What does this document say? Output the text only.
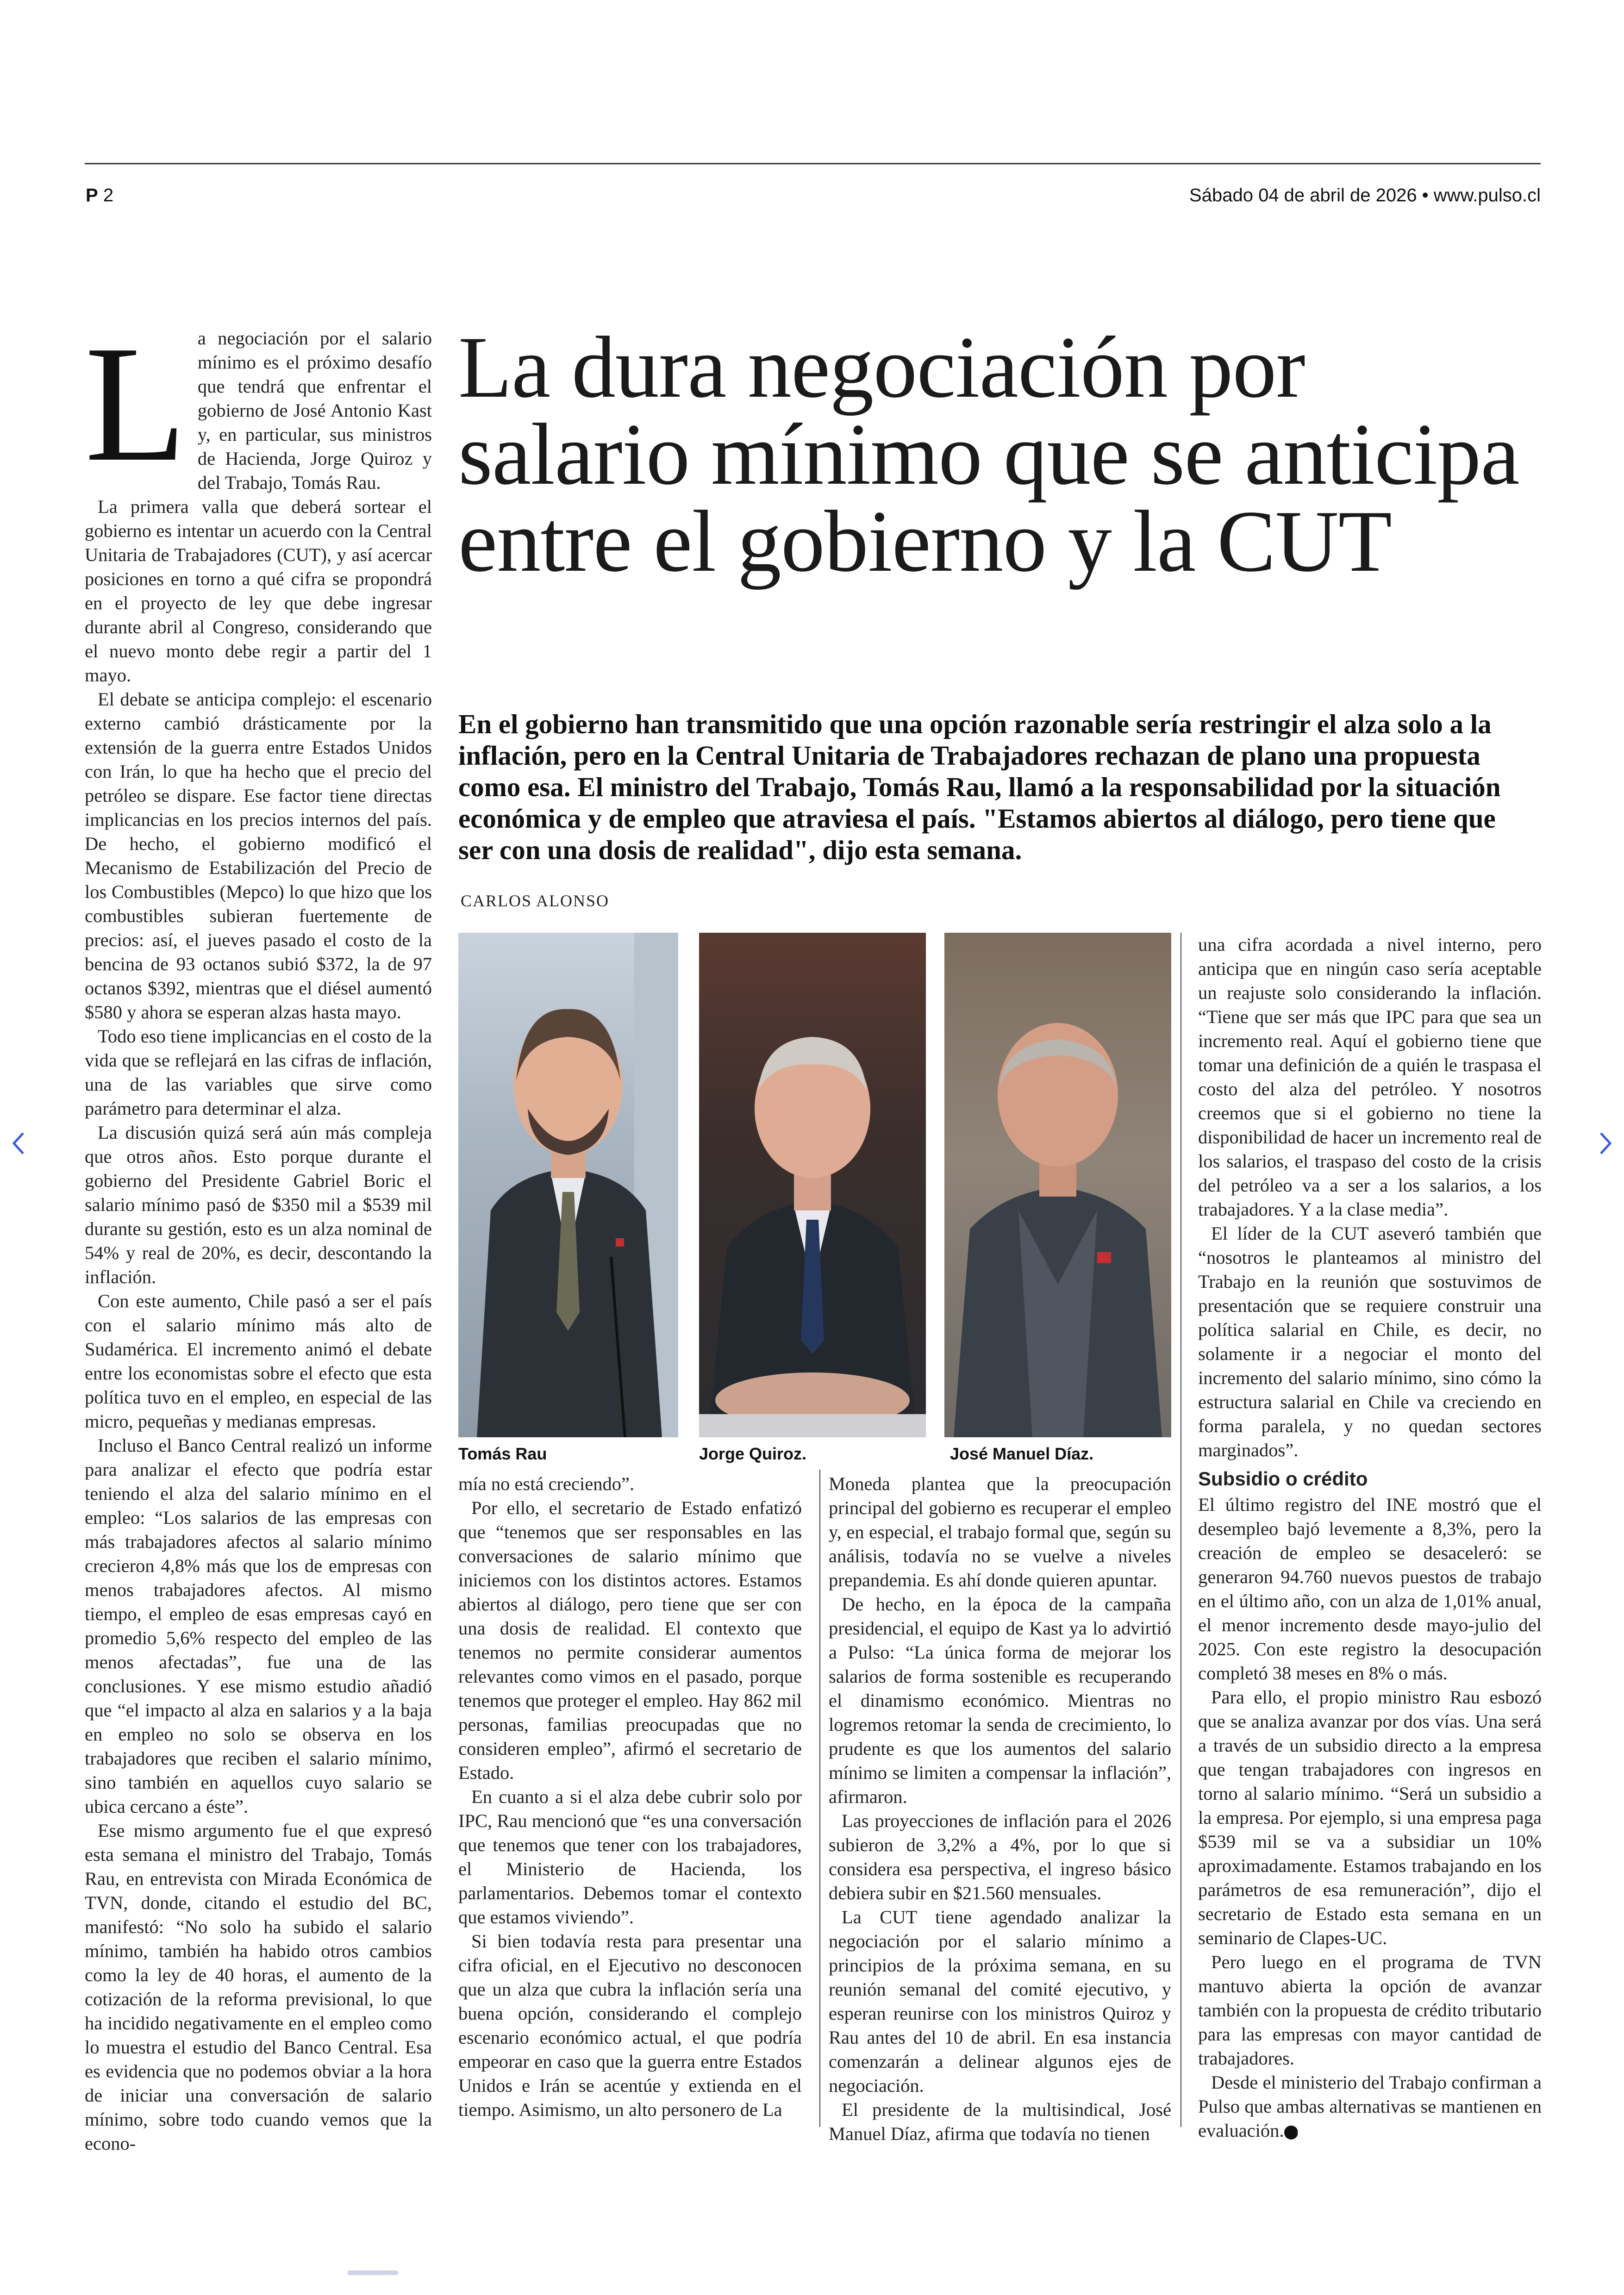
P 2	Sábado 04 de abril de 2026 • www.pulso.cl
La dura negociación por salario mínimo que se anticipa entre el gobierno y la CUT
En el gobierno han transmitido que una opción razonable sería restringir el alza solo a la inflación, pero en la Central Unitaria de Trabajadores rechazan de plano una propuesta como esa. El ministro del Trabajo, Tomás Rau, llamó a la responsabilidad por la situación económica y de empleo que atraviesa el país. "Estamos abiertos al diálogo, pero tiene que ser con una dosis de realidad", dijo esta semana.
CARLOS ALONSO

La negociación por el salario mínimo es el próximo desafío que tendrá que enfrentar el gobierno de José Antonio Kast y, en particular, sus ministros de Hacienda, Jorge Quiroz y del Trabajo, Tomás Rau.

La primera valla que deberá sortear el gobierno es intentar un acuerdo con la Central Unitaria de Trabajadores (CUT), y así acercar posiciones en torno a qué cifra se propondrá en el proyecto de ley que debe ingresar durante abril al Congreso, considerando que el nuevo monto debe regir a partir del 1 mayo.

El debate se anticipa complejo: el escenario externo cambió drásticamente por la extensión de la guerra entre Estados Unidos con Irán, lo que ha hecho que el precio del petróleo se dispare. Ese factor tiene directas implicancias en los precios internos del país. De hecho, el gobierno modificó el Mecanismo de Estabilización del Precio de los Combustibles (Mepco) lo que hizo que los combustibles subieran fuertemente de precios: así, el jueves pasado el costo de la bencina de 93 octanos subió $372, la de 97 octanos $392, mientras que el diésel aumentó $580 y ahora se esperan alzas hasta mayo.

Todo eso tiene implicancias en el costo de la vida que se reflejará en las cifras de inflación, una de las variables que sirve como parámetro para determinar el alza.

La discusión quizá será aún más compleja que otros años. Esto porque durante el gobierno del Presidente Gabriel Boric el salario mínimo pasó de $350 mil a $539 mil durante su gestión, esto es un alza nominal de 54% y real de 20%, es decir, descontando la inflación.

Con este aumento, Chile pasó a ser el país con el salario mínimo más alto de Sudamérica. El incremento animó el debate entre los economistas sobre el efecto que esta política tuvo en el empleo, en especial de las micro, pequeñas y medianas empresas.

Incluso el Banco Central realizó un informe para analizar el efecto que podría estar teniendo el alza del salario mínimo en el empleo: “Los salarios de las empresas con más trabajadores afectos al salario mínimo crecieron 4,8% más que los de empresas con menos trabajadores afectos. Al mismo tiempo, el empleo de esas empresas cayó en promedio 5,6% respecto del empleo de las menos afectadas”, fue una de las conclusiones. Y ese mismo estudio añadió que “el impacto al alza en salarios y a la baja en empleo no solo se observa en los trabajadores que reciben el salario mínimo, sino también en aquellos cuyo salario se ubica cercano a éste”.

Ese mismo argumento fue el que expresó esta semana el ministro del Trabajo, Tomás Rau, en entrevista con Mirada Económica de TVN, donde, citando el estudio del BC, manifestó: “No solo ha subido el salario mínimo, también ha habido otros cambios como la ley de 40 horas, el aumento de la cotización de la reforma previsional, lo que ha incidido negativamente en el empleo como lo muestra el estudio del Banco Central. Esa es evidencia que no podemos obviar a la hora de iniciar una conversación de salario mínimo, sobre todo cuando vemos que la econo-

Tomás Rau	Jorge Quiroz.	José Manuel Díaz.

mía no está creciendo”.

Por ello, el secretario de Estado enfatizó que “tenemos que ser responsables en las conversaciones de salario mínimo que iniciemos con los distintos actores. Estamos abiertos al diálogo, pero tiene que ser con una dosis de realidad. El contexto que tenemos no permite considerar aumentos relevantes como vimos en el pasado, porque tenemos que proteger el empleo. Hay 862 mil personas, familias preocupadas que no consideren empleo”, afirmó el secretario de Estado.

En cuanto a si el alza debe cubrir solo por IPC, Rau mencionó que “es una conversación que tenemos que tener con los trabajadores, el Ministerio de Hacienda, los parlamentarios. Debemos tomar el contexto que estamos viviendo”.

Si bien todavía resta para presentar una cifra oficial, en el Ejecutivo no desconocen que un alza que cubra la inflación sería una buena opción, considerando el complejo escenario económico actual, el que podría empeorar en caso que la guerra entre Estados Unidos e Irán se acentúe y extienda en el tiempo. Asimismo, un alto personero de La

Moneda plantea que la preocupación principal del gobierno es recuperar el empleo y, en especial, el trabajo formal que, según su análisis, todavía no se vuelve a niveles prepandemia. Es ahí donde quieren apuntar.

De hecho, en la época de la campaña presidencial, el equipo de Kast ya lo advirtió a Pulso: “La única forma de mejorar los salarios de forma sostenible es recuperando el dinamismo económico. Mientras no logremos retomar la senda de crecimiento, lo prudente es que los aumentos del salario mínimo se limiten a compensar la inflación”, afirmaron.

Las proyecciones de inflación para el 2026 subieron de 3,2% a 4%, por lo que si considera esa perspectiva, el ingreso básico debiera subir en $21.560 mensuales.

La CUT tiene agendado analizar la negociación por el salario mínimo a principios de la próxima semana, en su reunión semanal del comité ejecutivo, y esperan reunirse con los ministros Quiroz y Rau antes del 10 de abril. En esa instancia comenzarán a delinear algunos ejes de negociación.

El presidente de la multisindical, José Manuel Díaz, afirma que todavía no tienen

una cifra acordada a nivel interno, pero anticipa que en ningún caso sería aceptable un reajuste solo considerando la inflación. “Tiene que ser más que IPC para que sea un incremento real. Aquí el gobierno tiene que tomar una definición de a quién le traspasa el costo del alza del petróleo. Y nosotros creemos que si el gobierno no tiene la disponibilidad de hacer un incremento real de los salarios, el traspaso del costo de la crisis del petróleo va a ser a los salarios, a los trabajadores. Y a la clase media”.

El líder de la CUT aseveró también que “nosotros le planteamos al ministro del Trabajo en la reunión que sostuvimos de presentación que se requiere construir una política salarial en Chile, es decir, no solamente ir a negociar el monto del incremento del salario mínimo, sino cómo la estructura salarial en Chile va creciendo en forma paralela, y no quedan sectores marginados”.

Subsidio o crédito

El último registro del INE mostró que el desempleo bajó levemente a 8,3%, pero la creación de empleo se desaceleró: se generaron 94.760 nuevos puestos de trabajo en el último año, con un alza de 1,01% anual, el menor incremento desde mayo-julio del 2025. Con este registro la desocupación completó 38 meses en 8% o más.

Para ello, el propio ministro Rau esbozó que se analiza avanzar por dos vías. Una será a través de un subsidio directo a la empresa que tengan trabajadores con ingresos en torno al salario mínimo. “Será un subsidio a la empresa. Por ejemplo, si una empresa paga $539 mil se va a subsidiar un 10% aproximadamente. Estamos trabajando en los parámetros de esa remuneración”, dijo el secretario de Estado esta semana en un seminario de Clapes-UC.

Pero luego en el programa de TVN mantuvo abierta la opción de avanzar también con la propuesta de crédito tributario para las empresas con mayor cantidad de trabajadores.

Desde el ministerio del Trabajo confirman a Pulso que ambas alternativas se mantienen en evaluación. P
